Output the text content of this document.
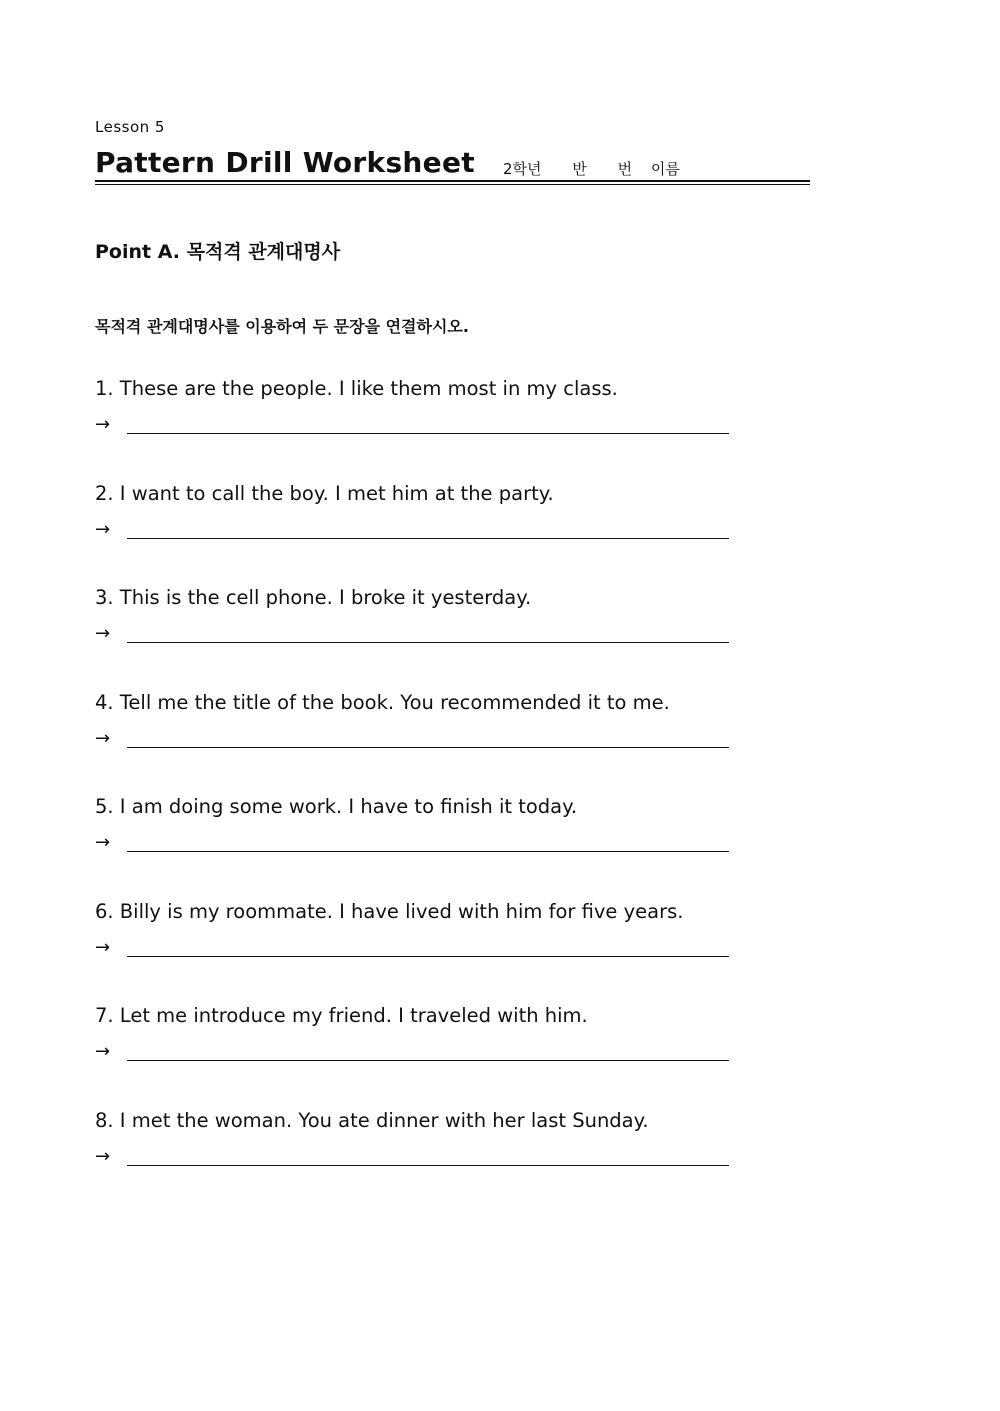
Lesson 5
Pattern Drill Worksheet 2학년 반 번 이름
Point A. 목적격 관계대명사
목적격 관계대명사를 이용하여 두 문장을 연결하시오.
1. These are the people. I like them most in my class.
→
2. I want to call the boy. I met him at the party.
→
3. This is the cell phone. I broke it yesterday.
→
4. Tell me the title of the book. You recommended it to me.
→
5. I am doing some work. I have to finish it today.
→
6. Billy is my roommate. I have lived with him for five years.
→
7. Let me introduce my friend. I traveled with him.
→
8. I met the woman. You ate dinner with her last Sunday.
→
